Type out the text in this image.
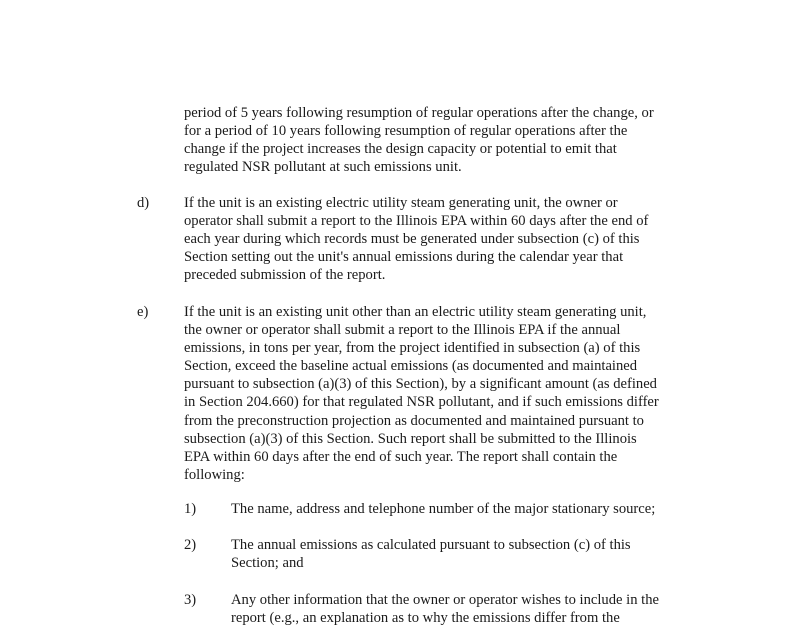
period of 5 years following resumption of regular operations after the change, or
for a period of 10 years following resumption of regular operations after the
change if the project increases the design capacity or potential to emit that
regulated NSR pollutant at such emissions unit.

d) If the unit is an existing electric utility steam generating unit, the owner or
operator shall submit a report to the Illinois EPA within 60 days after the end of
each year during which records must be generated under subsection (c) of this
Section setting out the unit's annual emissions during the calendar year that
preceded submission of the report.

e) If the unit is an existing unit other than an electric utility steam generating unit,
the owner or operator shall submit a report to the Illinois EPA if the annual
emissions, in tons per year, from the project identified in subsection (a) of this
Section, exceed the baseline actual emissions (as documented and maintained
pursuant to subsection (a)(3) of this Section), by a significant amount (as defined
in Section 204.660) for that regulated NSR pollutant, and if such emissions differ
from the preconstruction projection as documented and maintained pursuant to
subsection (a)(3) of this Section. Such report shall be submitted to the Illinois
EPA within 60 days after the end of such year. The report shall contain the
following:

1) The name, address and telephone number of the major stationary source;

2) The annual emissions as calculated pursuant to subsection (c) of this
Section; and

3) Any other information that the owner or operator wishes to include in the
report (e.g., an explanation as to why the emissions differ from the
